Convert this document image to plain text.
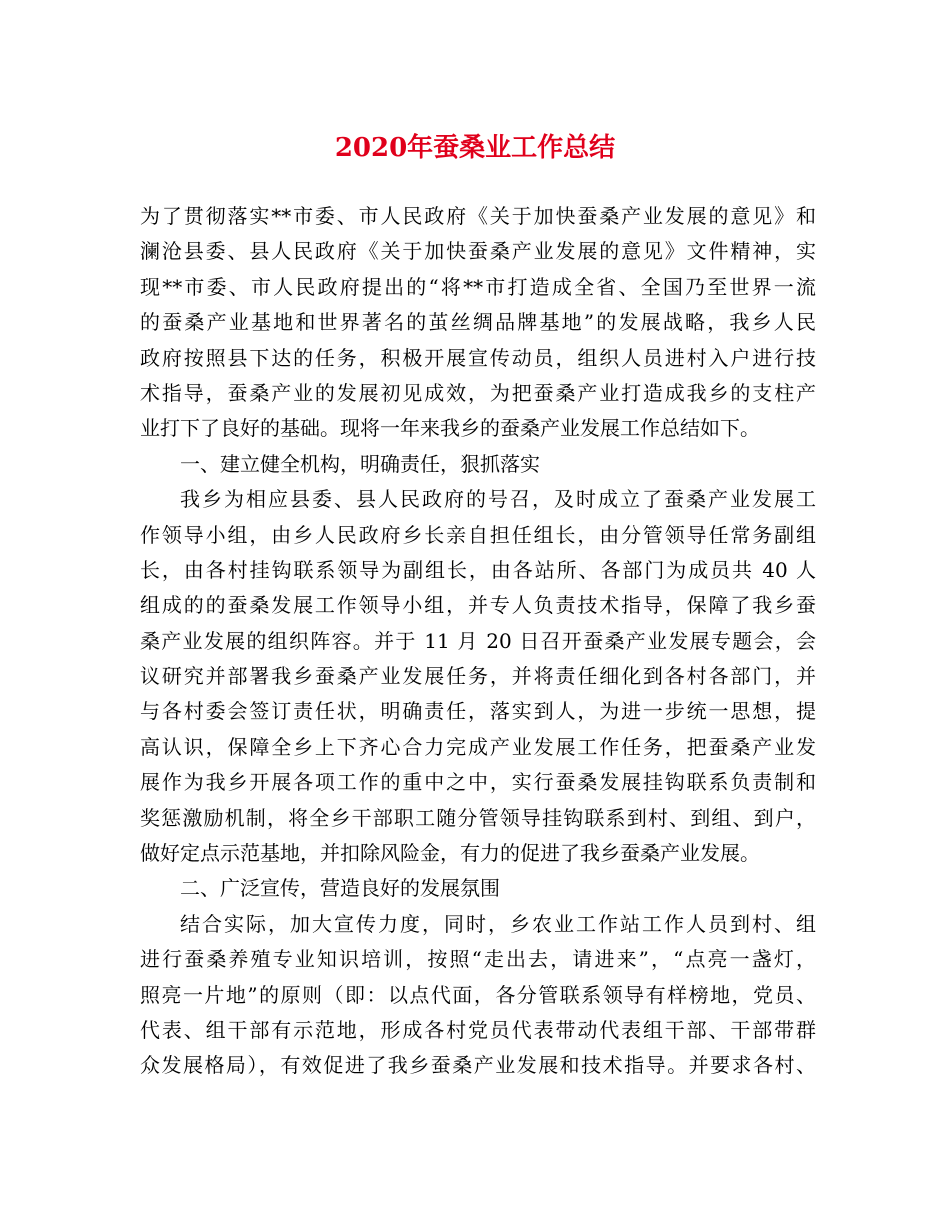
2020年蚕桑业工作总结
为了贯彻落实**市委、市人民政府《关于加快蚕桑产业发展的意见》和
澜沧县委、县人民政府《关于加快蚕桑产业发展的意见》文件精神，实
现**市委、市人民政府提出的“将**市打造成全省、全国乃至世界一流
的蚕桑产业基地和世界著名的茧丝绸品牌基地”的发展战略，我乡人民
政府按照县下达的任务，积极开展宣传动员，组织人员进村入户进行技
术指导，蚕桑产业的发展初见成效，为把蚕桑产业打造成我乡的支柱产
业打下了良好的基础。现将一年来我乡的蚕桑产业发展工作总结如下。
一、建立健全机构，明确责任，狠抓落实
我乡为相应县委、县人民政府的号召，及时成立了蚕桑产业发展工
作领导小组，由乡人民政府乡长亲自担任组长，由分管领导任常务副组
长，由各村挂钩联系领导为副组长，由各站所、各部门为成员共 40 人
组成的的蚕桑发展工作领导小组，并专人负责技术指导，保障了我乡蚕
桑产业发展的组织阵容。并于 11 月 20 日召开蚕桑产业发展专题会，会
议研究并部署我乡蚕桑产业发展任务，并将责任细化到各村各部门，并
与各村委会签订责任状，明确责任，落实到人，为进一步统一思想，提
高认识，保障全乡上下齐心合力完成产业发展工作任务，把蚕桑产业发
展作为我乡开展各项工作的重中之中，实行蚕桑发展挂钩联系负责制和
奖惩激励机制，将全乡干部职工随分管领导挂钩联系到村、到组、到户，
做好定点示范基地，并扣除风险金，有力的促进了我乡蚕桑产业发展。
二、广泛宣传，营造良好的发展氛围
结合实际，加大宣传力度，同时，乡农业工作站工作人员到村、组
进行蚕桑养殖专业知识培训，按照“走出去，请进来”，“点亮一盏灯，
照亮一片地”的原则（即：以点代面，各分管联系领导有样榜地，党员、
代表、组干部有示范地，形成各村党员代表带动代表组干部、干部带群
众发展格局），有效促进了我乡蚕桑产业发展和技术指导。并要求各村、
